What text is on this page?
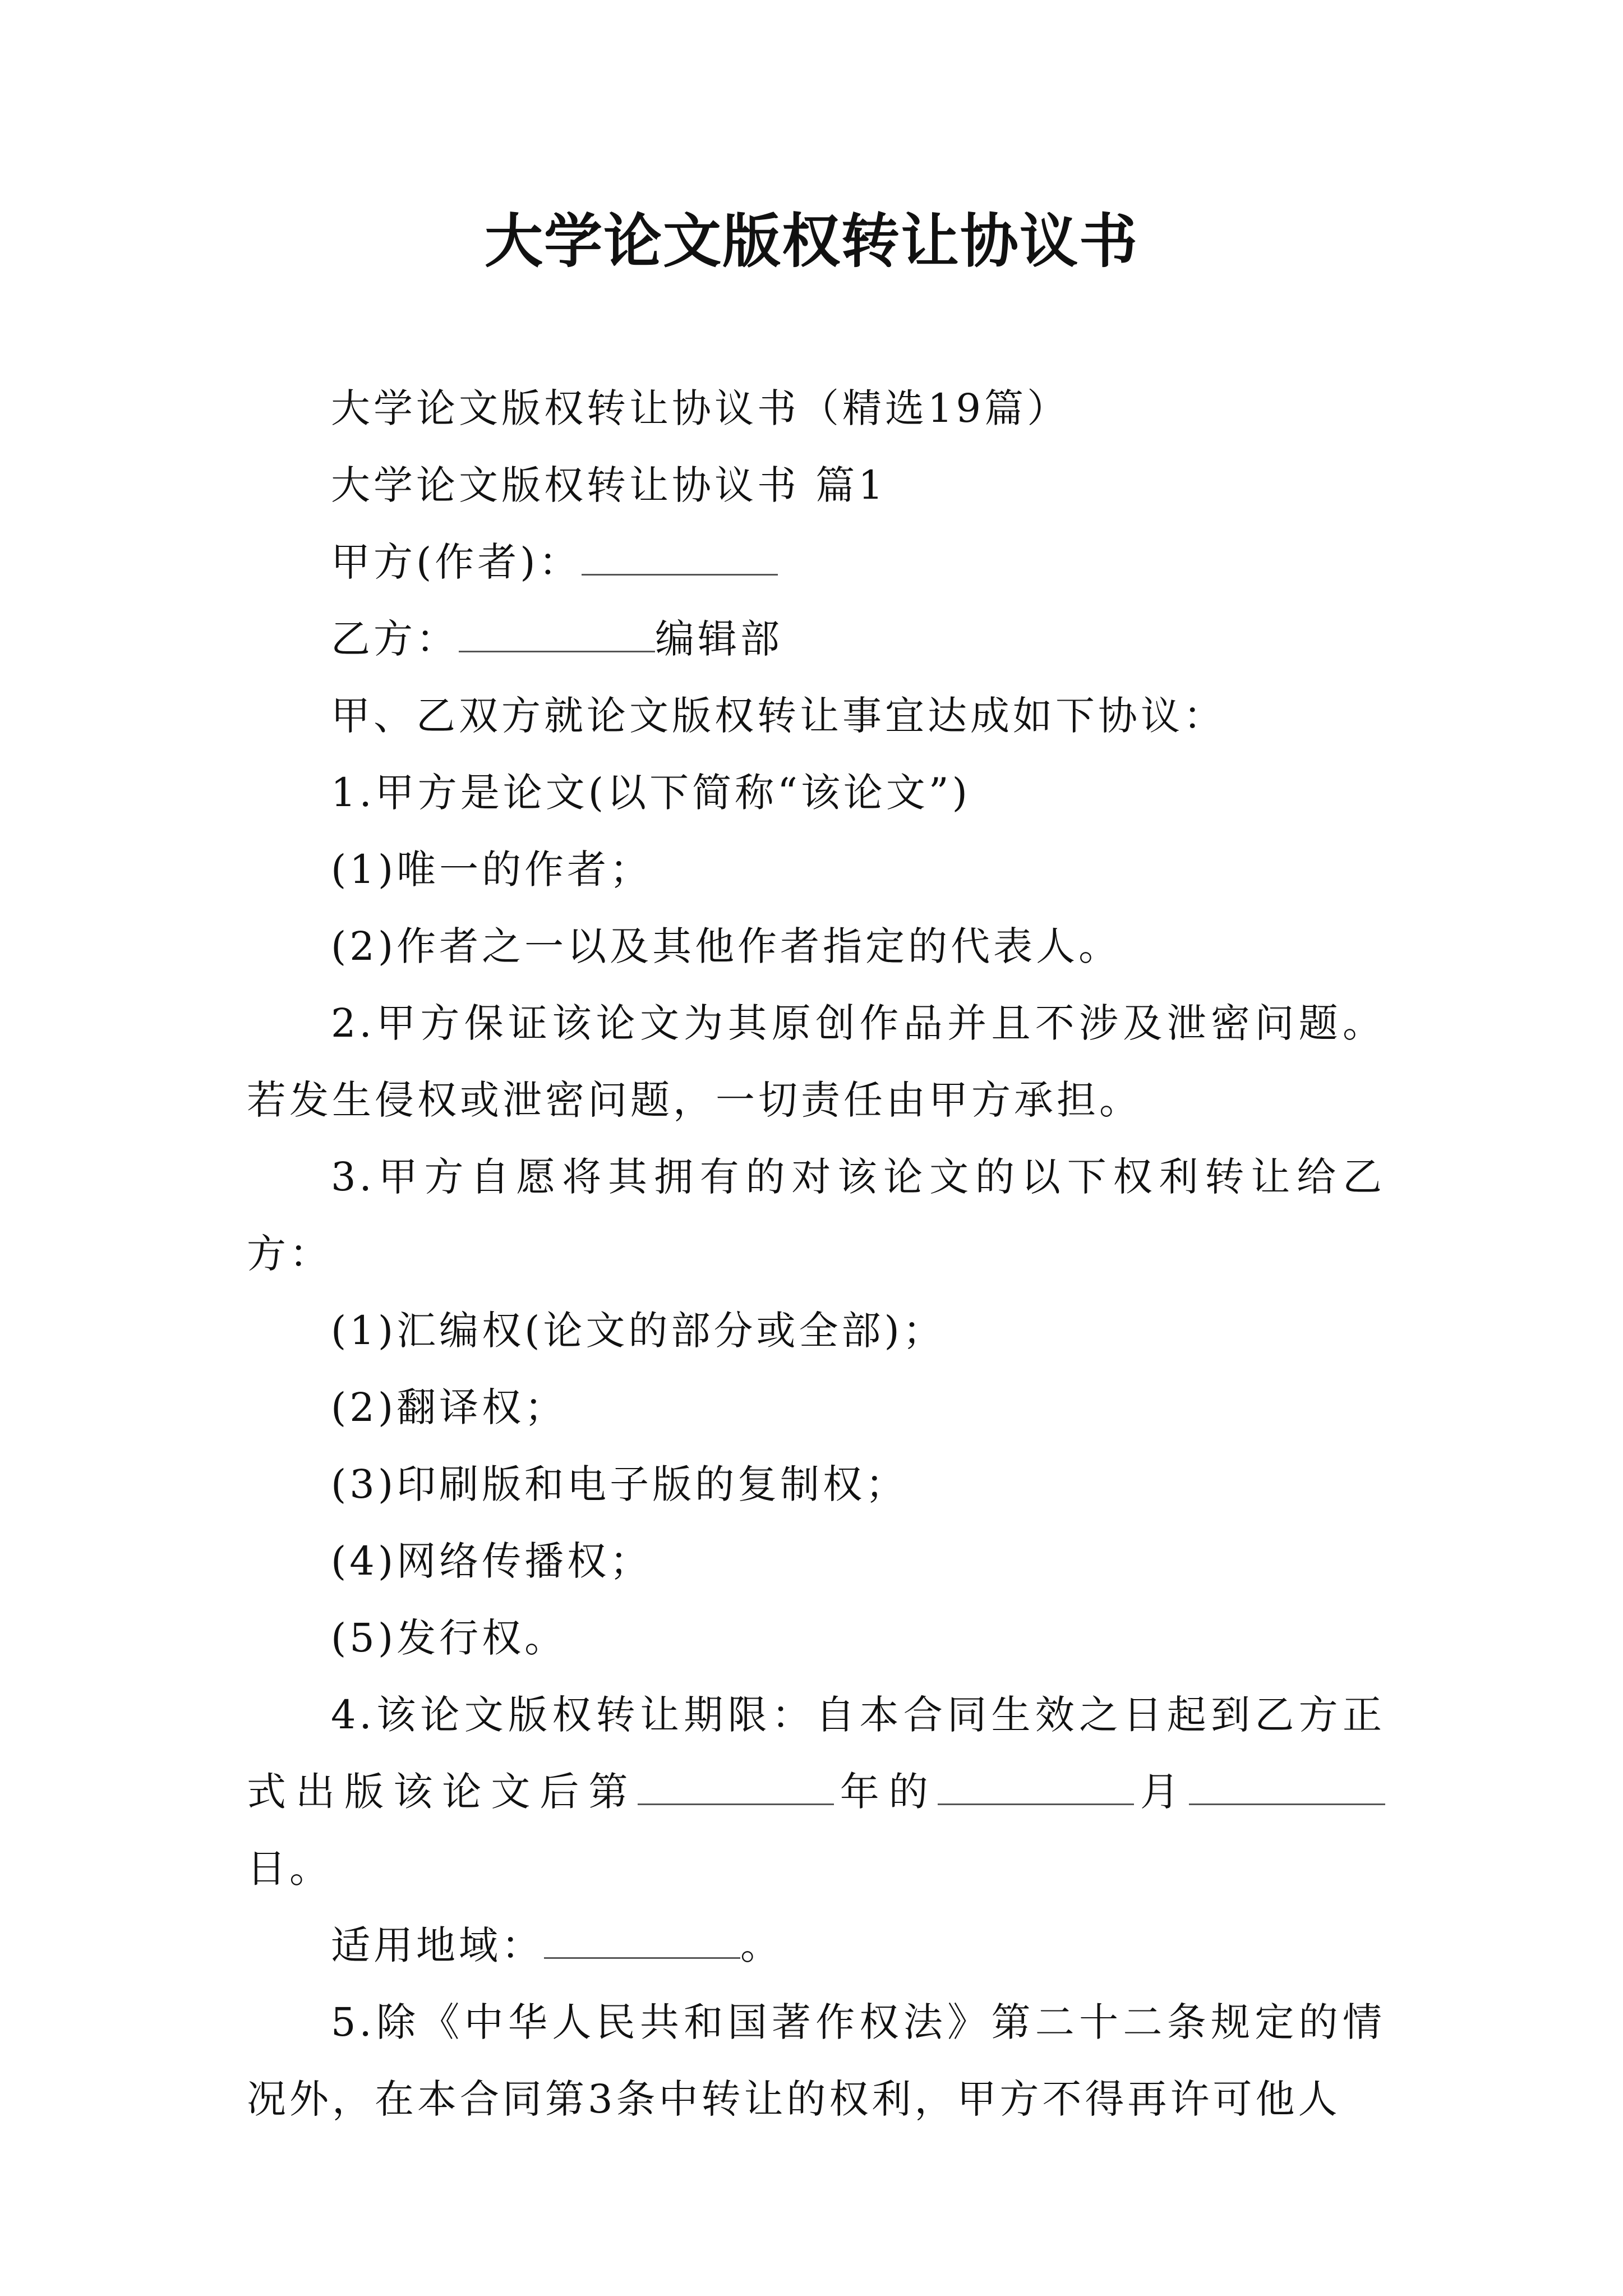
大学论文版权转让协议书

大学论文版权转让协议书（精选19篇）

大学论文版权转让协议书 篇1

甲方(作者)：

乙方：	编辑部

甲、乙双方就论文版权转让事宜达成如下协议：

1.甲方是论文(以下简称“该论文”)

(1)唯一的作者；

(2)作者之一以及其他作者指定的代表人。

2.甲方保证该论文为其原创作品并且不涉及泄密问题。若发生侵权或泄密问题，一切责任由甲方承担。

3.甲方自愿将其拥有的对该论文的以下权利转让给乙方：

(1)汇编权(论文的部分或全部)；

(2)翻译权；

(3)印刷版和电子版的复制权；

(4)网络传播权；

(5)发行权。

4.该论文版权转让期限：自本合同生效之日起到乙方正式出版该论文后第	年的	月日。

适用地域：	。

5.除《中华人民共和国著作权法》第二十二条规定的情况外，在本合同第3条中转让的权利，甲方不得再许可他人
